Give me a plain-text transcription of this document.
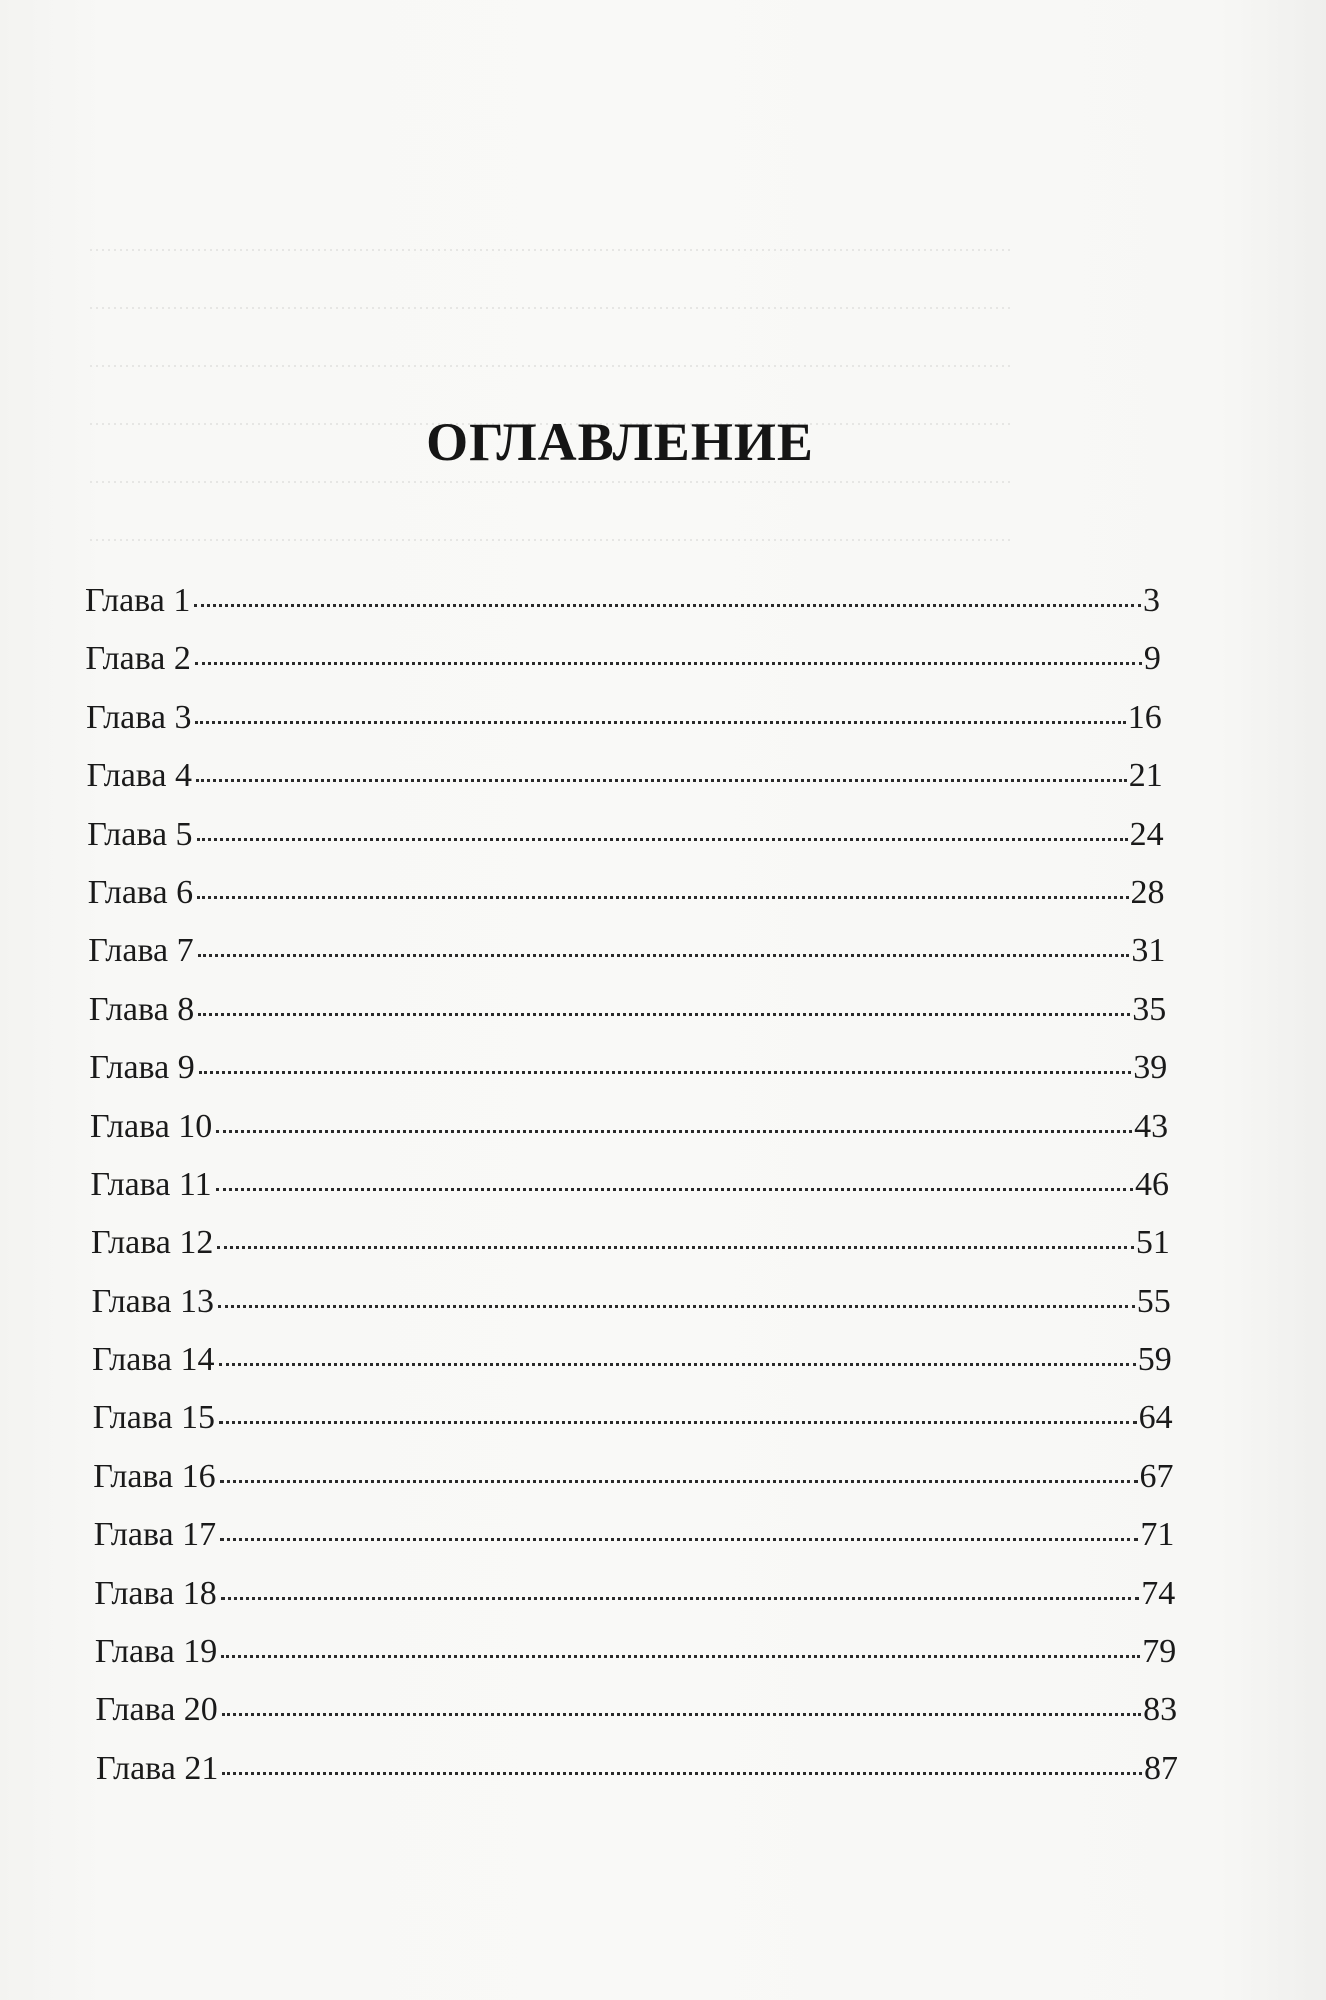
ОГЛАВЛЕНИЕ
Глава 1	3
Глава 2	9
Глава 3	16
Глава 4	21
Глава 5	24
Глава 6	28
Глава 7	31
Глава 8	35
Глава 9	39
Глава 10	43
Глава 11	46
Глава 12	51
Глава 13	55
Глава 14	59
Глава 15	64
Глава 16	67
Глава 17	71
Глава 18	74
Глава 19	79
Глава 20	83
Глава 21	87
